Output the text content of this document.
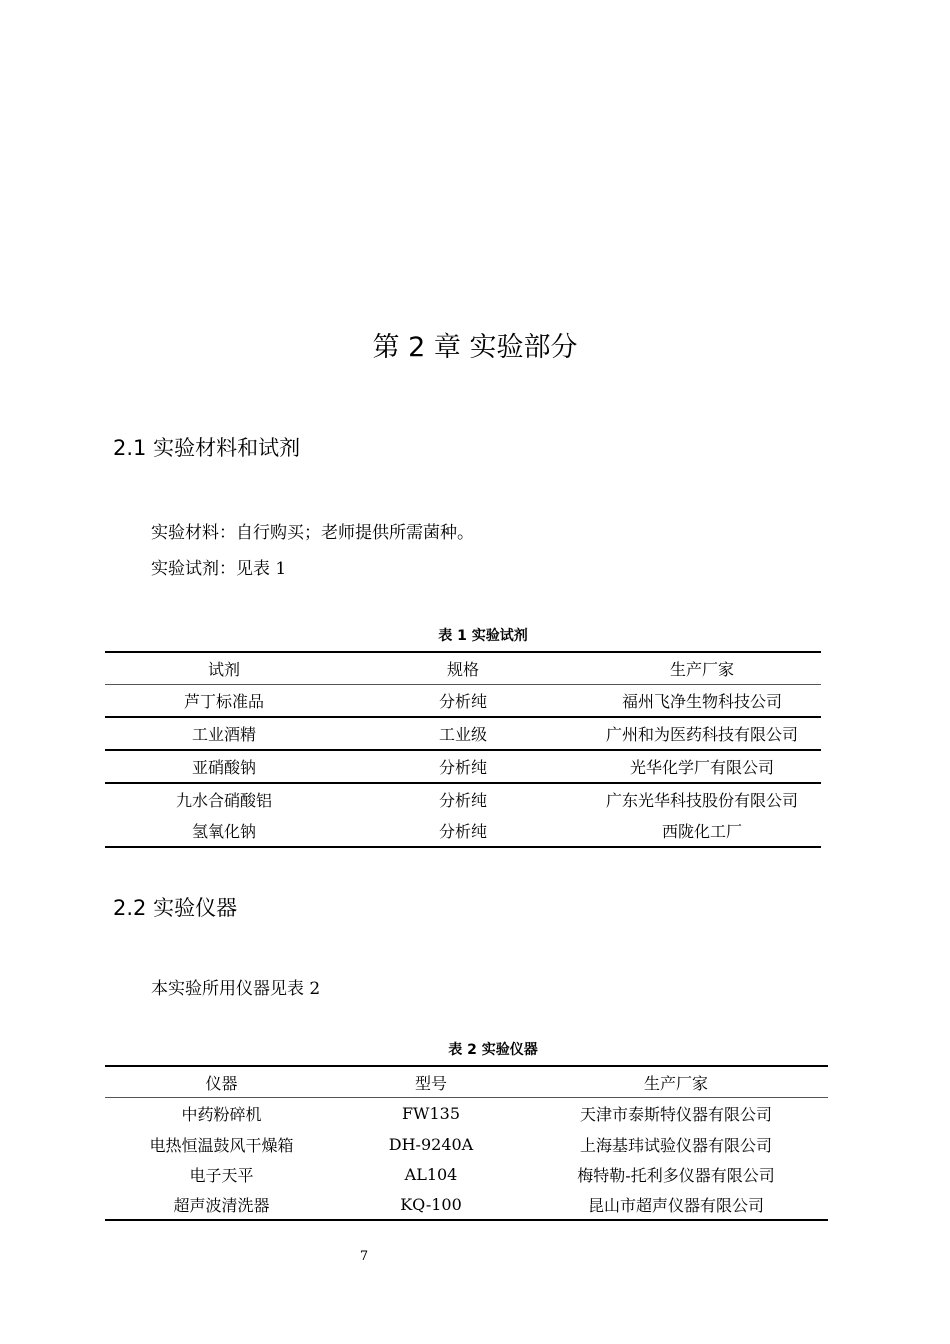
第 2 章 实验部分
2.1 实验材料和试剂
实验材料：自行购买；老师提供所需菌种。
实验试剂：见表 1
表 1 实验试剂
试剂	规格	生产厂家
芦丁标准品	分析纯	福州飞净生物科技公司
工业酒精	工业级	广州和为医药科技有限公司
亚硝酸钠	分析纯	光华化学厂有限公司
九水合硝酸铝	分析纯	广东光华科技股份有限公司
氢氧化钠	分析纯	西陇化工厂
2.2 实验仪器
本实验所用仪器见表 2
表 2 实验仪器
仪器	型号	生产厂家
中药粉碎机	FW135	天津市泰斯特仪器有限公司
电热恒温鼓风干燥箱	DH-9240A	上海基玮试验仪器有限公司
电子天平	AL104	梅特勒-托利多仪器有限公司
超声波清洗器	KQ-100	昆山市超声仪器有限公司
7
